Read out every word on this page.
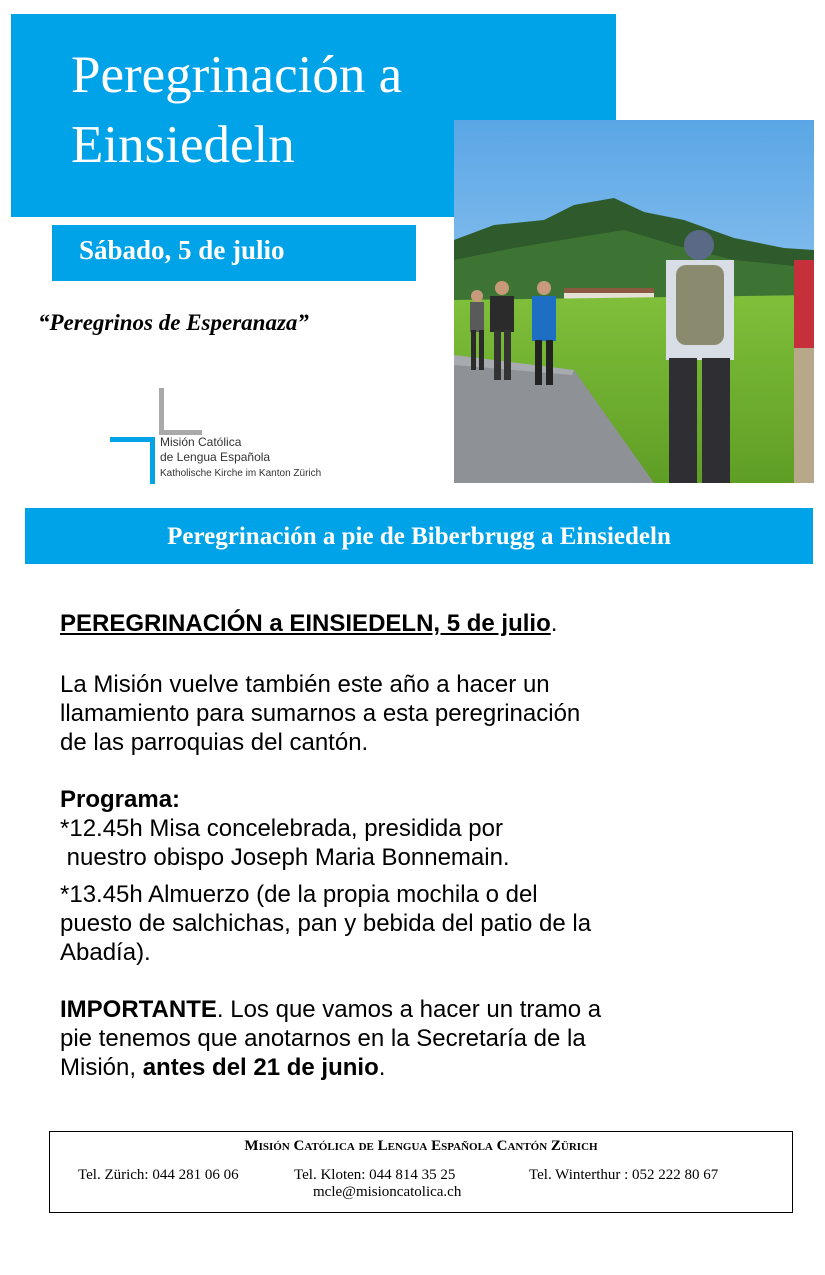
Peregrinación a
Einsiedeln
Sábado, 5 de julio
“Peregrinos de Esperanaza”
Misión Católica
de Lengua Española
Katholische Kirche im Kanton Zürich
Peregrinación a pie de Biberbrugg a Einsiedeln
PEREGRINACIÓN a EINSIEDELN, 5 de julio.
La Misión vuelve también este año a hacer un
llamamiento para sumarnos a esta peregrinación
de las parroquias del cantón.
Programa:
*12.45h Misa concelebrada, presidida por
nuestro obispo Joseph Maria Bonnemain.
*13.45h Almuerzo (de la propia mochila o del
puesto de salchichas, pan y bebida del patio de la
Abadía).
IMPORTANTE. Los que vamos a hacer un tramo a
pie tenemos que anotarnos en la Secretaría de la
Misión, antes del 21 de junio.
Misión Católica de Lengua Española Cantón Zürich
Tel. Zürich: 044 281 06 06	Tel. Kloten: 044 814 35 25	Tel. Winterthur : 052 222 80 67
mcle@misioncatolica.ch
